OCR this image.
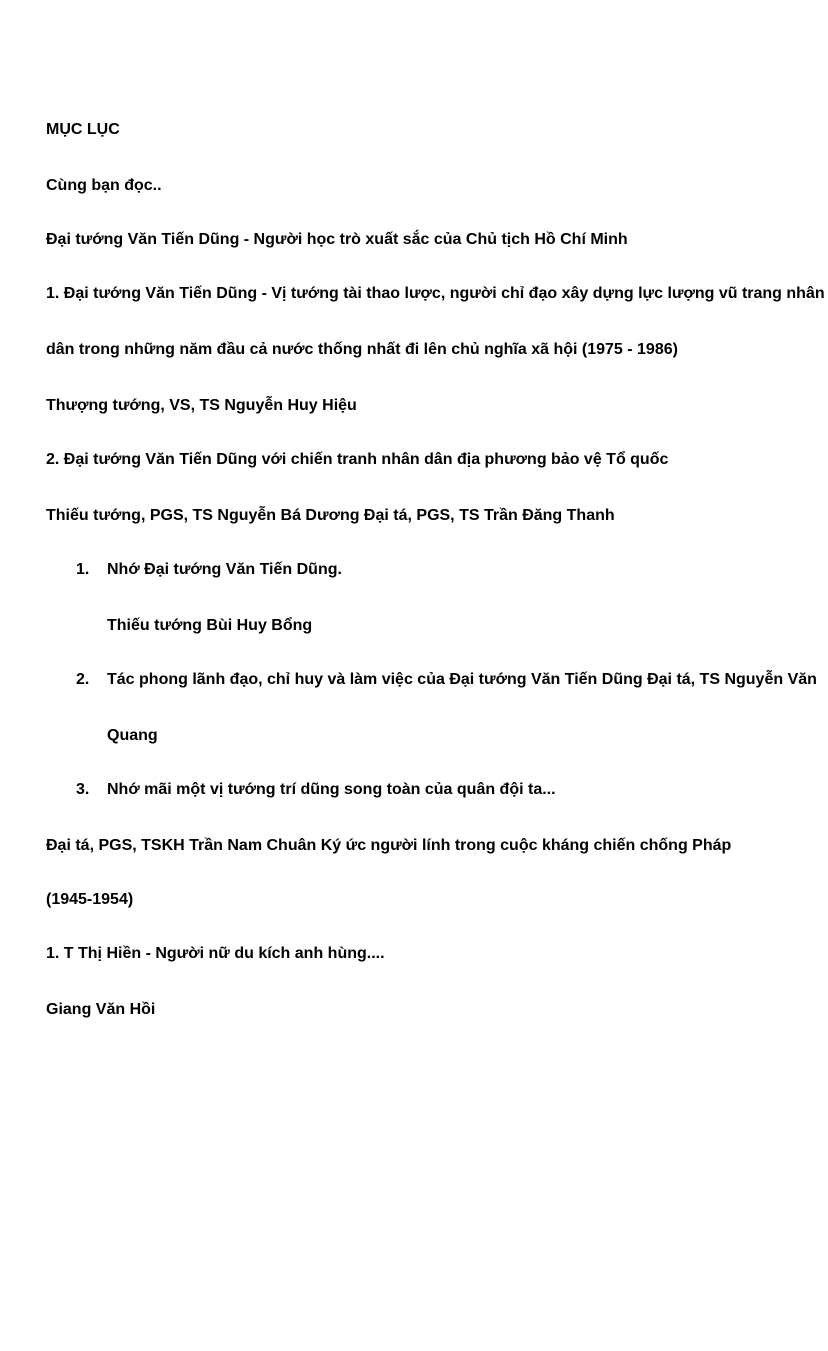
MỤC LỤC

Cùng bạn đọc..

Đại tướng Văn Tiến Dũng - Người học trò xuất sắc của Chủ tịch Hồ Chí Minh

1. Đại tướng Văn Tiến Dũng - Vị tướng tài thao lược, người chỉ đạo xây dựng lực lượng vũ trang nhân

dân trong những năm đầu cả nước thống nhất đi lên chủ nghĩa xã hội (1975 - 1986)

Thượng tướng, VS, TS Nguyễn Huy Hiệu

2. Đại tướng Văn Tiến Dũng với chiến tranh nhân dân địa phương bảo vệ Tổ quốc

Thiếu tướng, PGS, TS Nguyễn Bá Dương Đại tá, PGS, TS Trần Đăng Thanh

1. Nhớ Đại tướng Văn Tiến Dũng.
Thiếu tướng Bùi Huy Bổng
2. Tác phong lãnh đạo, chỉ huy và làm việc của Đại tướng Văn Tiến Dũng Đại tá, TS Nguyễn Văn
Quang
3. Nhớ mãi một vị tướng trí dũng song toàn của quân đội ta...

Đại tá, PGS, TSKH Trần Nam Chuân Ký ức người lính trong cuộc kháng chiến chống Pháp

(1945-1954)

1. T Thị Hiền - Người nữ du kích anh hùng....

Giang Văn Hồi
